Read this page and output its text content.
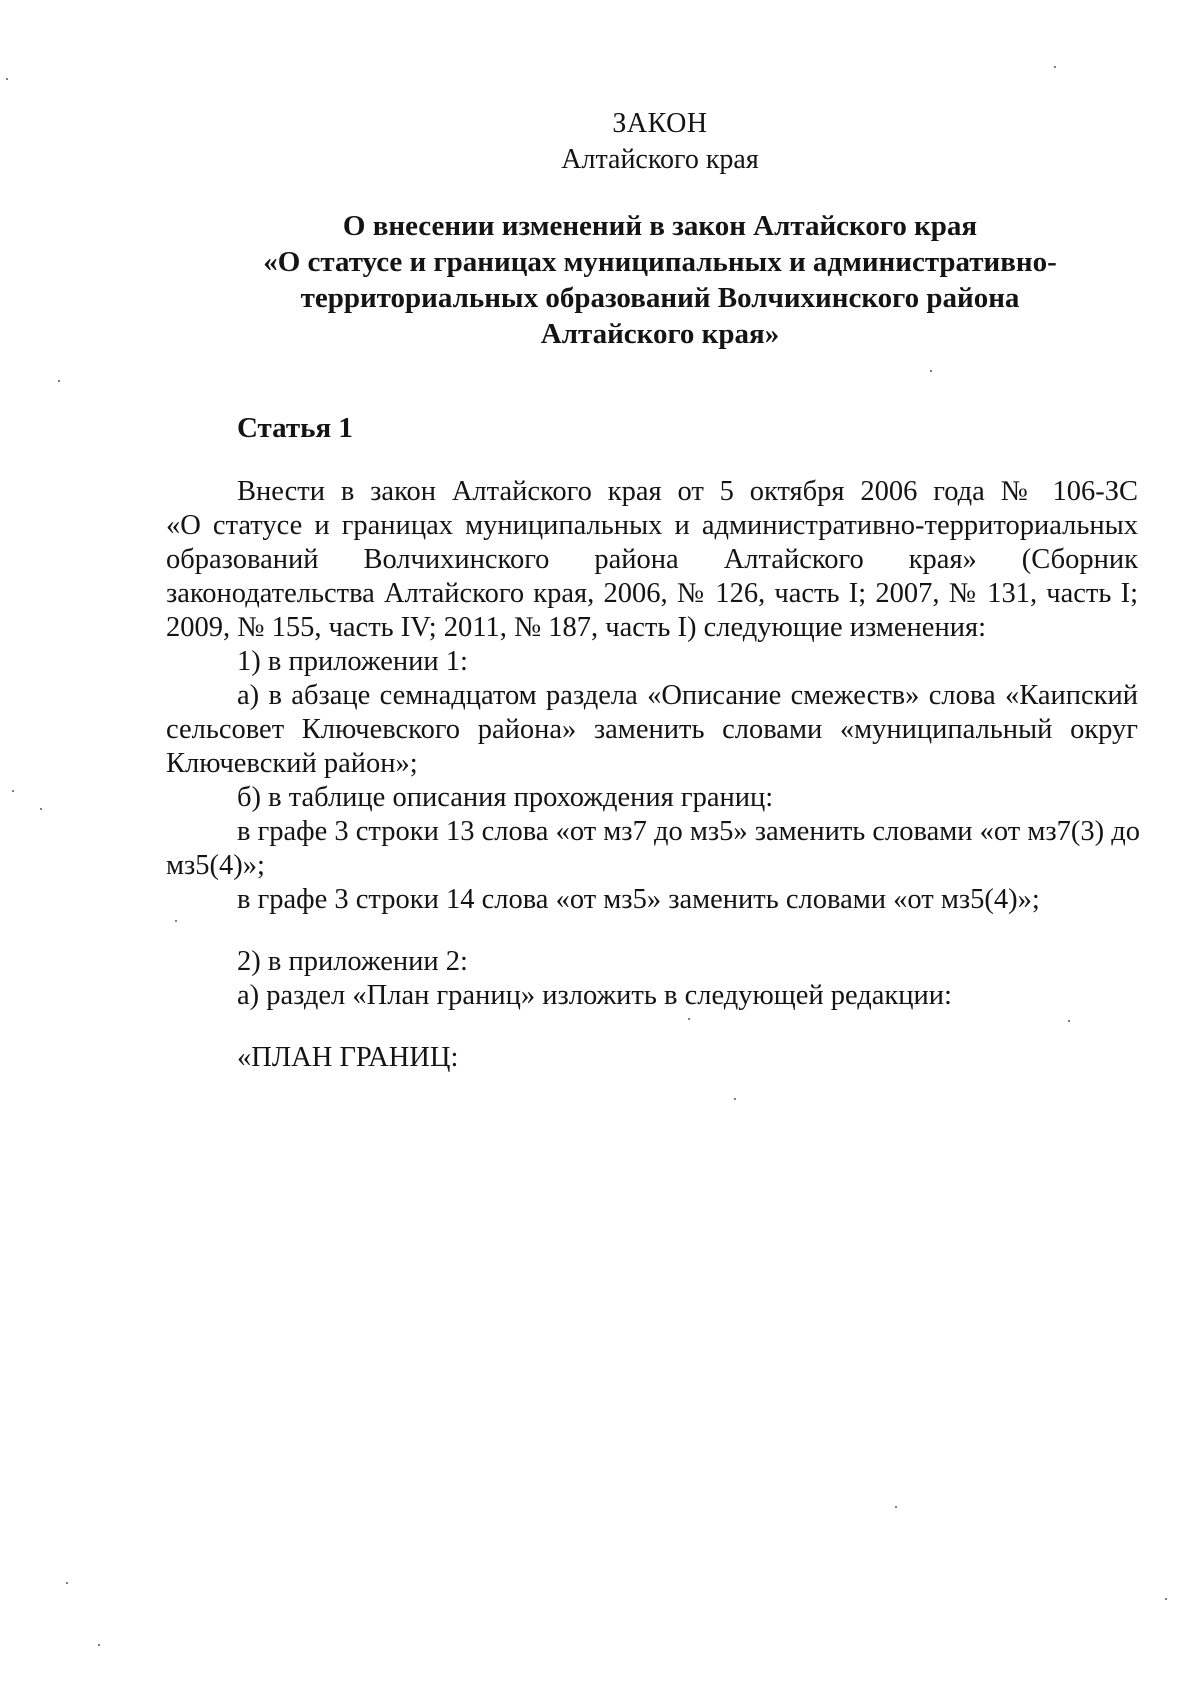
ЗАКОН
Алтайского края
О внесении изменений в закон Алтайского края
«О статусе и границах муниципальных и административно-
территориальных образований Волчихинского района
Алтайского края»
Статья 1
Внести в закон Алтайского края от 5 октября 2006 года № 106-ЗС
«О статусе и границах муниципальных и административно-территориальных
образований Волчихинского района Алтайского края» (Сборник
законодательства Алтайского края, 2006, № 126, часть I; 2007, № 131, часть I;
2009, № 155, часть IV; 2011, № 187, часть I) следующие изменения:
1) в приложении 1:
а) в абзаце семнадцатом раздела «Описание смежеств» слова «Каипский
сельсовет Ключевского района» заменить словами «муниципальный округ
Ключевский район»;
б) в таблице описания прохождения границ:
в графе 3 строки 13 слова «от мз7 до мз5» заменить словами «от мз7(3) до
мз5(4)»;
в графе 3 строки 14 слова «от мз5» заменить словами «от мз5(4)»;
2) в приложении 2:
а) раздел «План границ» изложить в следующей редакции:
«ПЛАН ГРАНИЦ:
